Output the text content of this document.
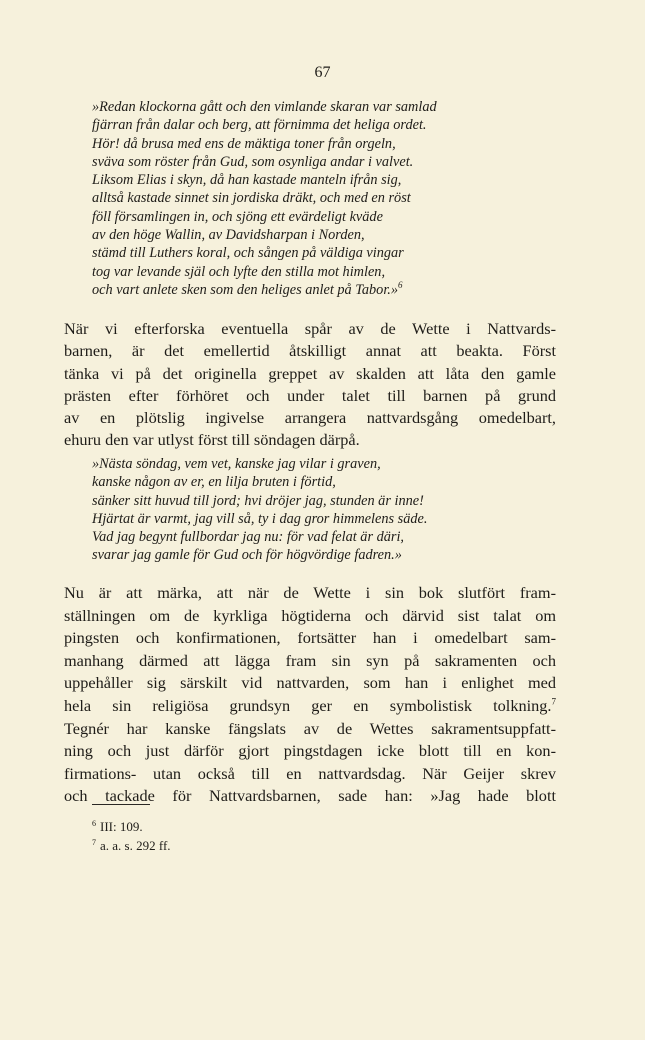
67
»Redan klockorna gått och den vimlande skaran var samlad
fjärran från dalar och berg, att förnimma det heliga ordet.
Hör! då brusa med ens de mäktiga toner från orgeln,
sväva som röster från Gud, som osynliga andar i valvet.
Liksom Elias i skyn, då han kastade manteln ifrån sig,
alltså kastade sinnet sin jordiska dräkt, och med en röst
föll församlingen in, och sjöng ett evärdeligt kväde
av den höge Wallin, av Davidsharpan i Norden,
stämd till Luthers koral, och sången på väldiga vingar
tog var levande själ och lyfte den stilla mot himlen,
och vart anlete sken som den heliges anlet på Tabor.»$^6$
När vi efterforska eventuella spår av de Wette i Nattvards-
barnen, är det emellertid åtskilligt annat att beakta. Först
tänka vi på det originella greppet av skalden att låta den gamle
prästen efter förhöret och under talet till barnen på grund
av en plötslig ingivelse arrangera nattvardsgång omedelbart,
ehuru den var utlyst först till söndagen därpå.
»Nästa söndag, vem vet, kanske jag vilar i graven,
kanske någon av er, en lilja bruten i förtid,
sänker sitt huvud till jord; hvi dröjer jag, stunden är inne!
Hjärtat är varmt, jag vill så, ty i dag gror himmelens säde.
Vad jag begynt fullbordar jag nu: för vad felat är däri,
svarar jag gamle för Gud och för högvördige fadren.»
Nu är att märka, att när de Wette i sin bok slutfört fram-
ställningen om de kyrkliga högtiderna och därvid sist talat om
pingsten och konfirmationen, fortsätter han i omedelbart sam-
manhang därmed att lägga fram sin syn på sakramenten och
uppehåller sig särskilt vid nattvarden, som han i enlighet med
hela sin religiösa grundsyn ger en symbolistisk tolkning.$^7$
Tegnér har kanske fängslats av de Wettes sakramentsuppfatt-
ning och just därför gjort pingstdagen icke blott till en kon-
firmations- utan också till en nattvardsdag. När Geijer skrev
och tackade för Nattvardsbarnen, sade han: »Jag hade blott
$^6$ III: 109.
$^7$ a. a. s. 292 ff.
